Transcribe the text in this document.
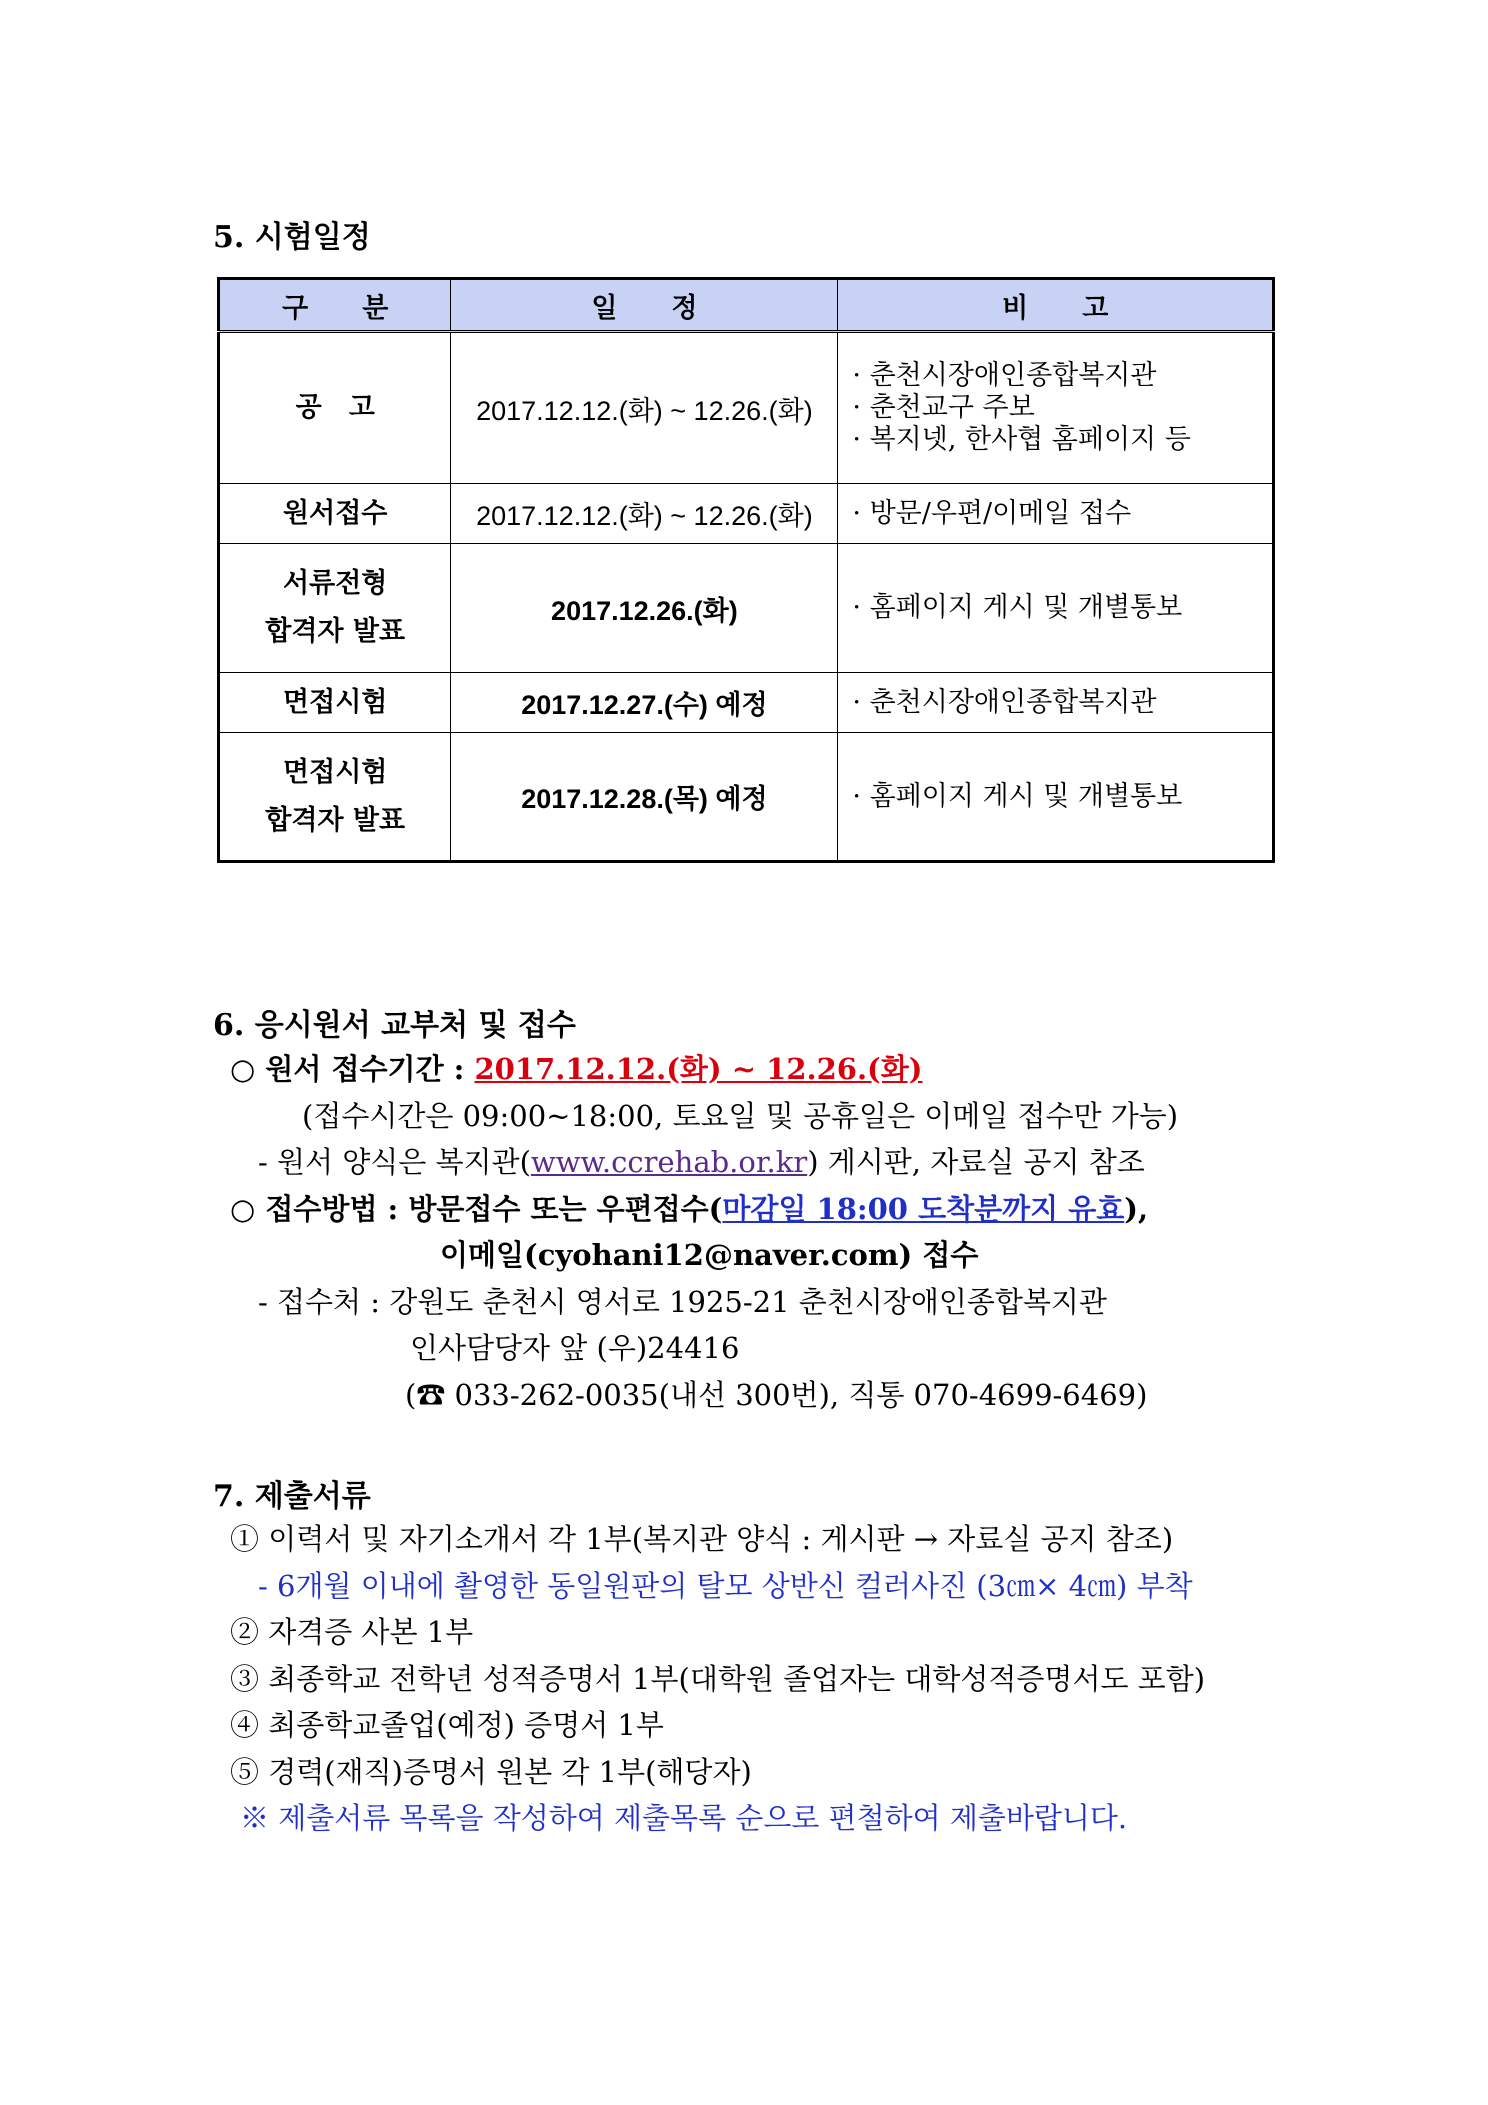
5. 시험일정
구　　분	일　　정	비　　고
공　고	2017.12.12.(화) ~ 12.26.(화)	· 춘천시장애인종합복지관
· 춘천교구 주보
· 복지넷, 한사협 홈페이지 등

원서접수	2017.12.12.(화) ~ 12.26.(화)	· 방문/우편/이메일 접수

서류전형
합격자 발표	2017.12.26.(화)	· 홈페이지 게시 및 개별통보

면접시험	2017.12.27.(수) 예정	· 춘천시장애인종합복지관

면접시험
합격자 발표	2017.12.28.(목) 예정	· 홈페이지 게시 및 개별통보
6. 응시원서 교부처 및 접수
○ 원서 접수기간 : 2017.12.12.(화) ~ 12.26.(화)
(접수시간은 09:00~18:00, 토요일 및 공휴일은 이메일 접수만 가능)
- 원서 양식은 복지관(www.ccrehab.or.kr) 게시판, 자료실 공지 참조
○ 접수방법 : 방문접수 또는 우편접수(마감일 18:00 도착분까지 유효),
이메일(cyohani12@naver.com) 접수
- 접수처 : 강원도 춘천시 영서로 1925-21 춘천시장애인종합복지관
인사담당자 앞 (우)24416
(☎ 033-262-0035(내선 300번), 직통 070-4699-6469)
7. 제출서류
① 이력서 및 자기소개서 각 1부(복지관 양식 : 게시판 → 자료실 공지 참조)
- 6개월 이내에 촬영한 동일원판의 탈모 상반신 컬러사진 (3㎝× 4㎝) 부착
② 자격증 사본 1부
③ 최종학교 전학년 성적증명서 1부(대학원 졸업자는 대학성적증명서도 포함)
④ 최종학교졸업(예정) 증명서 1부
⑤ 경력(재직)증명서 원본 각 1부(해당자)
※ 제출서류 목록을 작성하여 제출목록 순으로 편철하여 제출바랍니다.
